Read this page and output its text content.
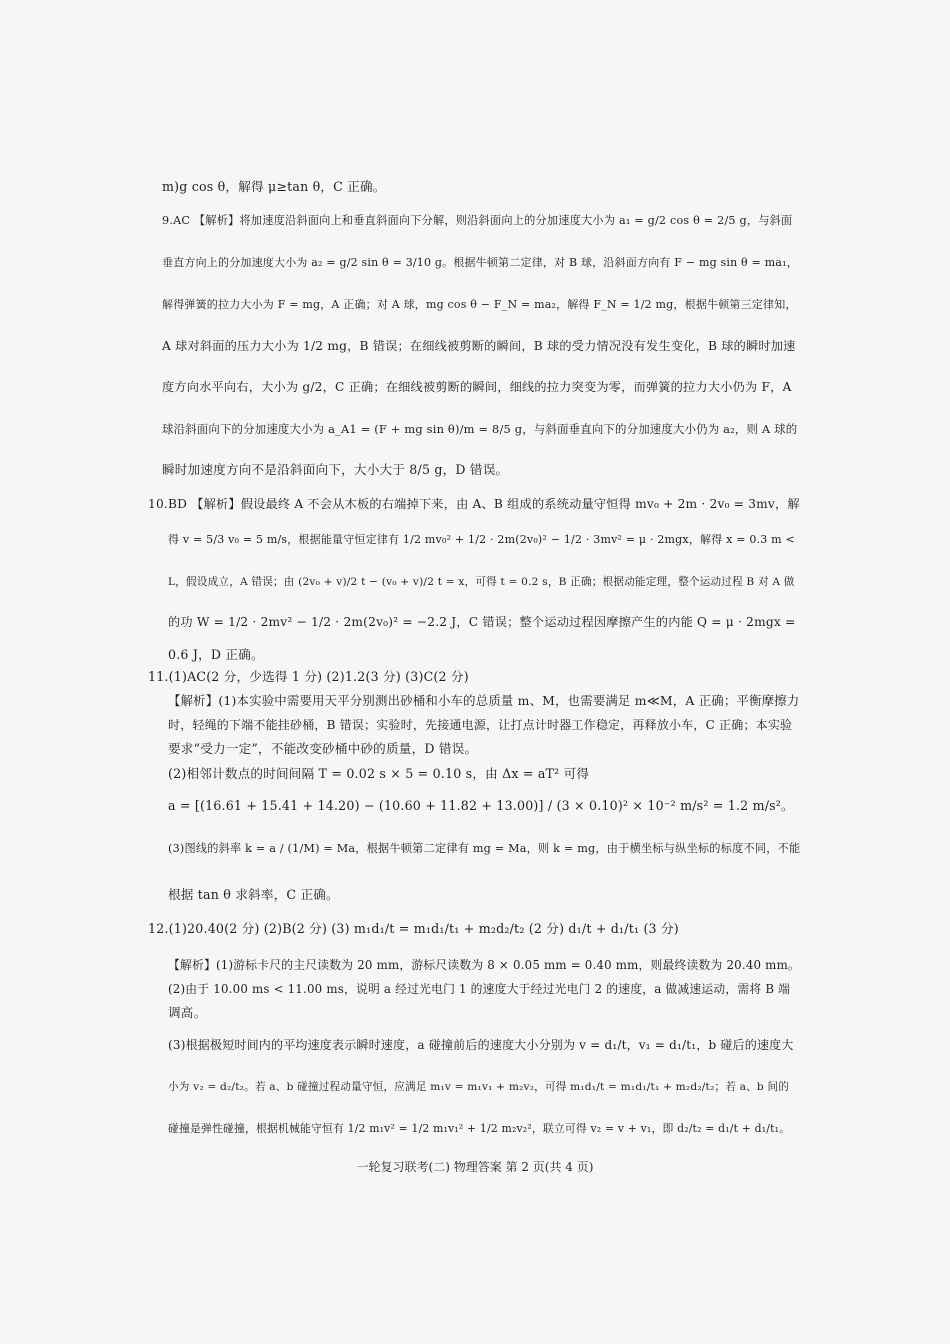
m)g cos θ，解得 μ≥tan θ，C 正确。
9.AC 【解析】将加速度沿斜面向上和垂直斜面向下分解，则沿斜面向上的分加速度大小为 a₁ = g/2 cos θ = 2/5 g，与斜面
垂直方向上的分加速度大小为 a₂ = g/2 sin θ = 3/10 g。根据牛顿第二定律，对 B 球，沿斜面方向有 F − mg sin θ = ma₁，
解得弹簧的拉力大小为 F = mg，A 正确；对 A 球，mg cos θ − F_N = ma₂，解得 F_N = 1/2 mg，根据牛顿第三定律知，
A 球对斜面的压力大小为 1/2 mg，B 错误；在细线被剪断的瞬间，B 球的受力情况没有发生变化，B 球的瞬时加速
度方向水平向右，大小为 g/2，C 正确；在细线被剪断的瞬间，细线的拉力突变为零，而弹簧的拉力大小仍为 F，A
球沿斜面向下的分加速度大小为 a_A1 = (F + mg sin θ)/m = 8/5 g，与斜面垂直向下的分加速度大小仍为 a₂，则 A 球的
瞬时加速度方向不是沿斜面向下，大小大于 8/5 g，D 错误。
10.BD 【解析】假设最终 A 不会从木板的右端掉下来，由 A、B 组成的系统动量守恒得 mv₀ + 2m · 2v₀ = 3mv，解
得 v = 5/3 v₀ = 5 m/s，根据能量守恒定律有 1/2 mv₀² + 1/2 · 2m(2v₀)² − 1/2 · 3mv² = μ · 2mgx，解得 x = 0.3 m <
L，假设成立，A 错误；由 (2v₀ + v)/2 t − (v₀ + v)/2 t = x，可得 t = 0.2 s，B 正确；根据动能定理，整个运动过程 B 对 A 做
的功 W = 1/2 · 2mv² − 1/2 · 2m(2v₀)² = −2.2 J，C 错误；整个运动过程因摩擦产生的内能 Q = μ · 2mgx =
0.6 J，D 正确。
11.(1)AC(2 分，少选得 1 分) (2)1.2(3 分) (3)C(2 分)
【解析】(1)本实验中需要用天平分别测出砂桶和小车的总质量 m、M，也需要满足 m≪M，A 正确；平衡摩擦力
时，轻绳的下端不能挂砂桶，B 错误；实验时，先接通电源，让打点计时器工作稳定，再释放小车，C 正确；本实验
要求“受力一定”，不能改变砂桶中砂的质量，D 错误。
(2)相邻计数点的时间间隔 T = 0.02 s × 5 = 0.10 s，由 Δx = aT² 可得
a = [(16.61 + 15.41 + 14.20) − (10.60 + 11.82 + 13.00)] / (3 × 0.10)² × 10⁻² m/s² = 1.2 m/s²。
(3)图线的斜率 k = a / (1/M) = Ma，根据牛顿第二定律有 mg = Ma，则 k = mg，由于横坐标与纵坐标的标度不同，不能
根据 tan θ 求斜率，C 正确。
12.(1)20.40(2 分) (2)B(2 分) (3) m₁d₁/t = m₁d₁/t₁ + m₂d₂/t₂ (2 分) d₁/t + d₁/t₁ (3 分)
【解析】(1)游标卡尺的主尺读数为 20 mm，游标尺读数为 8 × 0.05 mm = 0.40 mm，则最终读数为 20.40 mm。
(2)由于 10.00 ms < 11.00 ms，说明 a 经过光电门 1 的速度大于经过光电门 2 的速度，a 做减速运动，需将 B 端
调高。
(3)根据极短时间内的平均速度表示瞬时速度，a 碰撞前后的速度大小分别为 v = d₁/t，v₁ = d₁/t₁，b 碰后的速度大
小为 v₂ = d₂/t₂。若 a、b 碰撞过程动量守恒，应满足 m₁v = m₁v₁ + m₂v₂，可得 m₁d₁/t = m₁d₁/t₁ + m₂d₂/t₂；若 a、b 间的
碰撞是弹性碰撞，根据机械能守恒有 1/2 m₁v² = 1/2 m₁v₁² + 1/2 m₂v₂²，联立可得 v₂ = v + v₁，即 d₂/t₂ = d₁/t + d₁/t₁。
一轮复习联考(二) 物理答案 第 2 页(共 4 页)
